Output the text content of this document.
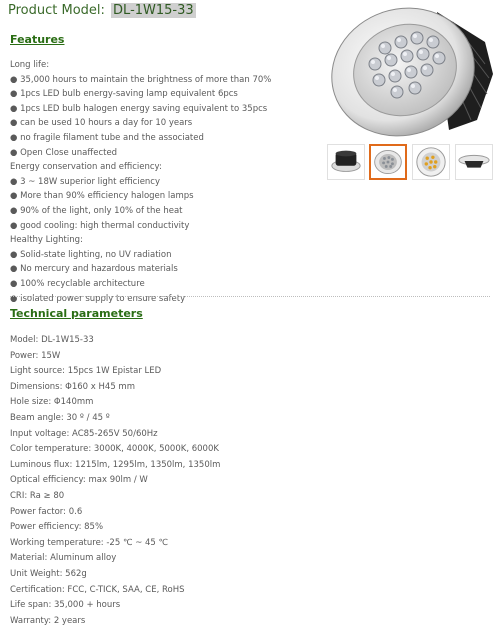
Product Model: DL-1W15-33
Features
Long life:
● 35,000 hours to maintain the brightness of more than 70%
● 1pcs LED bulb energy-saving lamp equivalent 6pcs
● 1pcs LED bulb halogen energy saving equivalent to 35pcs
● can be used 10 hours a day for 10 years
● no fragile filament tube and the associated
● Open Close unaffected
Energy conservation and efficiency:
● 3 ~ 18W superior light efficiency
● More than 90% efficiency halogen lamps
● 90% of the light, only 10% of the heat
● good cooling: high thermal conductivity
Healthy Lighting:
● Solid-state lighting, no UV radiation
● No mercury and hazardous materials
● 100% recyclable architecture
● isolated power supply to ensure safety
Technical parameters
Model: DL-1W15-33
Power: 15W
Light source: 15pcs 1W Epistar LED
Dimensions: Φ160 x H45 mm
Hole size: Φ140mm
Beam angle: 30 º / 45 º
Input voltage: AC85-265V 50/60Hz
Color temperature: 3000K, 4000K, 5000K, 6000K
Luminous flux: 1215lm, 1295lm, 1350lm, 1350lm
Optical efficiency: max 90lm / W
CRI: Ra ≥ 80
Power factor: 0.6
Power efficiency: 85%
Working temperature: -25 ℃ ~ 45 ℃
Material: Aluminum alloy
Unit Weight: 562g
Certification: FCC, C-TICK, SAA, CE, RoHS
Life span: 35,000 + hours
Warranty: 2 years
